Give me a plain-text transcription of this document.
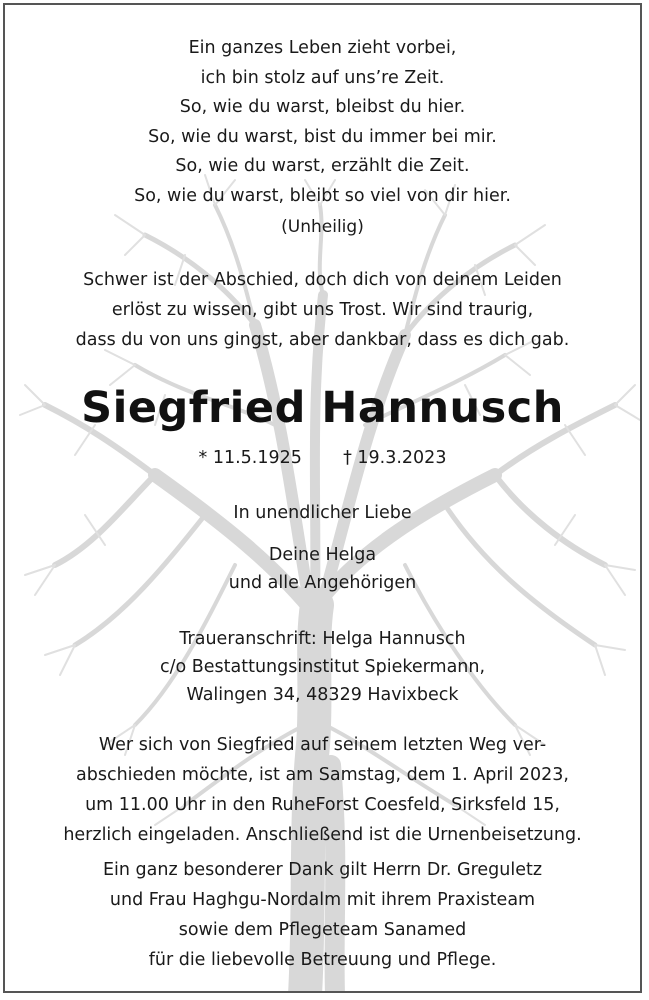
Ein ganzes Leben zieht vorbei,
ich bin stolz auf uns’re Zeit.
So, wie du warst, bleibst du hier.
So, wie du warst, bist du immer bei mir.
So, wie du warst, erzählt die Zeit.
So, wie du warst, bleibt so viel von dir hier.
(Unheilig)
Schwer ist der Abschied, doch dich von deinem Leiden
erlöst zu wissen, gibt uns Trost. Wir sind traurig,
dass du von uns gingst, aber dankbar, dass es dich gab.
Siegfried Hannusch
* 11.5.1925 † 19.3.2023
In unendlicher Liebe
Deine Helga
und alle Angehörigen
Traueranschrift: Helga Hannusch
c/o Bestattungsinstitut Spiekermann,
Walingen 34, 48329 Havixbeck
Wer sich von Siegfried auf seinem letzten Weg ver-
abschieden möchte, ist am Samstag, dem 1. April 2023,
um 11.00 Uhr in den RuheForst Coesfeld, Sirksfeld 15,
herzlich eingeladen. Anschließend ist die Urnenbeisetzung.
Ein ganz besonderer Dank gilt Herrn Dr. Greguletz
und Frau Haghgu-Nordalm mit ihrem Praxisteam
sowie dem Pflegeteam Sanamed
für die liebevolle Betreuung und Pflege.
